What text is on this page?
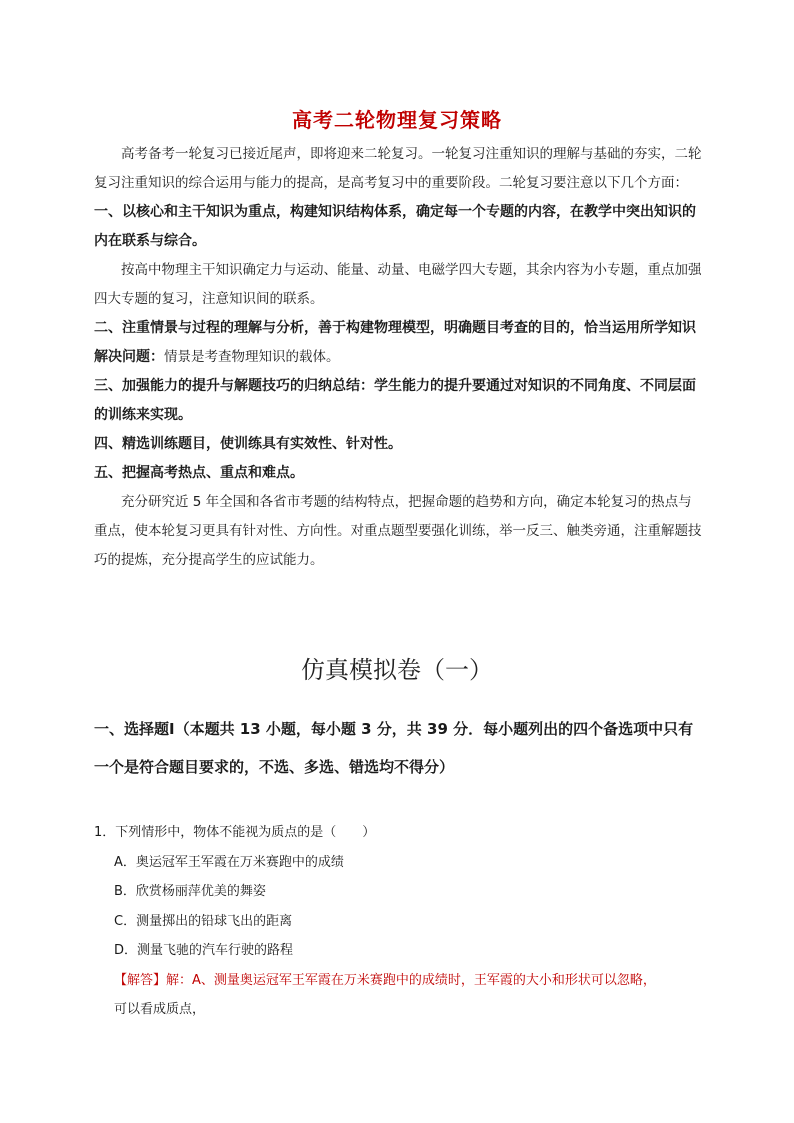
高考二轮物理复习策略

高考备考一轮复习已接近尾声，即将迎来二轮复习。一轮复习注重知识的理解与基础的夯实，二轮复习注重知识的综合运用与能力的提高，是高考复习中的重要阶段。二轮复习要注意以下几个方面：

一、以核心和主干知识为重点，构建知识结构体系，确定每一个专题的内容，在教学中突出知识的内在联系与综合。

按高中物理主干知识确定力与运动、能量、动量、电磁学四大专题，其余内容为小专题，重点加强四大专题的复习，注意知识间的联系。

二、注重情景与过程的理解与分析，善于构建物理模型，明确题目考查的目的，恰当运用所学知识解决问题：情景是考查物理知识的载体。

三、加强能力的提升与解题技巧的归纳总结：学生能力的提升要通过对知识的不同角度、不同层面的训练来实现。

四、精选训练题目，使训练具有实效性、针对性。

五、把握高考热点、重点和难点。

充分研究近 5 年全国和各省市考题的结构特点，把握命题的趋势和方向，确定本轮复习的热点与重点，使本轮复习更具有针对性、方向性。对重点题型要强化训练，举一反三、触类旁通，注重解题技巧的提炼，充分提高学生的应试能力。

仿真模拟卷（一）
一、选择题Ⅰ（本题共 13 小题，每小题 3 分，共 39 分．每小题列出的四个备选项中只有一个是符合题目要求的，不选、多选、错选均不得分）

1．下列情形中，物体不能视为质点的是（　　）

A．奥运冠军王军霞在万米赛跑中的成绩

B．欣赏杨丽萍优美的舞姿

C．测量掷出的铅球飞出的距离

D．测量飞驰的汽车行驶的路程

【解答】解：A、测量奥运冠军王军霞在万米赛跑中的成绩时，王军霞的大小和形状可以忽略，

可以看成质点，
